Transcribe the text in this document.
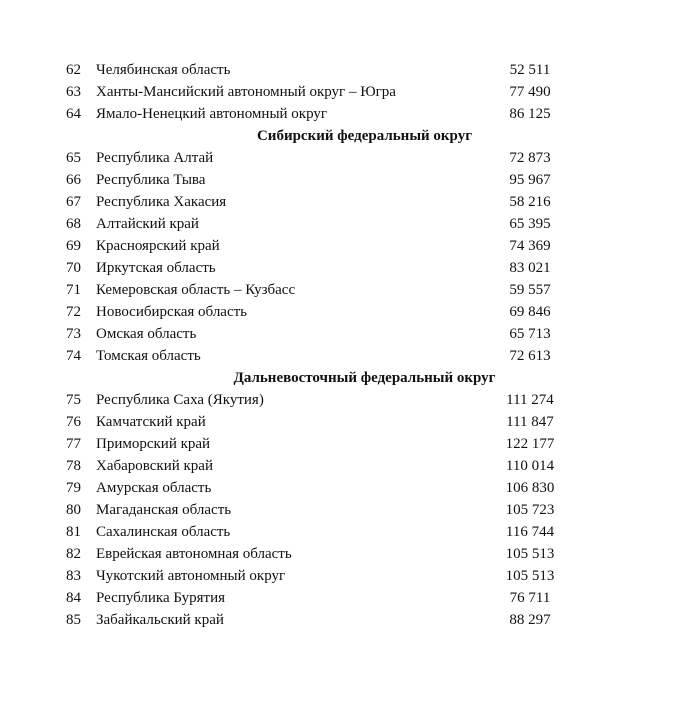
62	Челябинская область	52 511
63	Ханты-Мансийский автономный округ – Югра	77 490
64	Ямало-Ненецкий автономный округ	86 125
Сибирский федеральный округ
65	Республика Алтай	72 873
66	Республика Тыва	95 967
67	Республика Хакасия	58 216
68	Алтайский край	65 395
69	Красноярский край	74 369
70	Иркутская область	83 021
71	Кемеровская область – Кузбасс	59 557
72	Новосибирская область	69 846
73	Омская область	65 713
74	Томская область	72 613
Дальневосточный федеральный округ
75	Республика Саха (Якутия)	111 274
76	Камчатский край	111 847
77	Приморский край	122 177
78	Хабаровский край	110 014
79	Амурская область	106 830
80	Магаданская область	105 723
81	Сахалинская область	116 744
82	Еврейская автономная область	105 513
83	Чукотский автономный округ	105 513
84	Республика Бурятия	76 711
85	Забайкальский край	88 297
